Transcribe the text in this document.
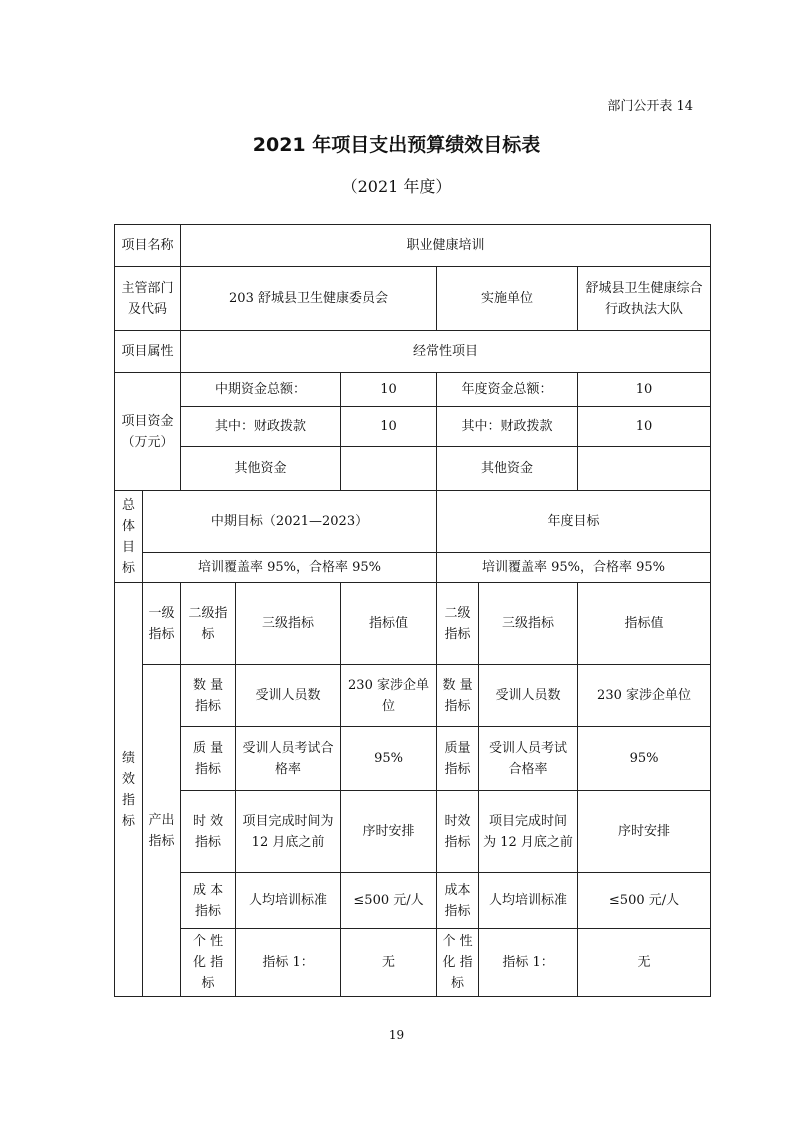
部门公开表 14
2021 年项目支出预算绩效目标表
（2021 年度）
项目名称		职业健康培训					
主管部门及代码		203 舒城县卫生健康委员会			实施单位		舒城县卫生健康综合行政执法大队
项目属性		经常性项目					
项目资金（万元）		中期资金总额：		10	年度资金总额：		10
		其中：财政拨款		10	其中：财政拨款		10
		其他资金			其他资金		
总体目标	中期目标（2021—2023）				年度目标		
	培训覆盖率 95%，合格率 95%				培训覆盖率 95%，合格率 95%		
绩效指标	一级指标	二级指标	三级指标	指标值	二级指标	三级指标	指标值
	产出指标	数 量 指标	受训人员数	230 家涉企单位	数 量 指标	受训人员数	230 家涉企单位
		质 量 指标	受训人员考试合格率	95%	质量 指标	受训人员考试合格率	95%
		时 效 指标	项目完成时间为 12 月底之前	序时安排	时效 指标	项目完成时间为 12 月底之前	序时安排
		成 本 指标	人均培训标准	≤500 元/人	成本 指标	人均培训标准	≤500 元/人
		个 性 化 指 标	指标 1：	无	个 性 化 指 标	指标 1：	无
19
